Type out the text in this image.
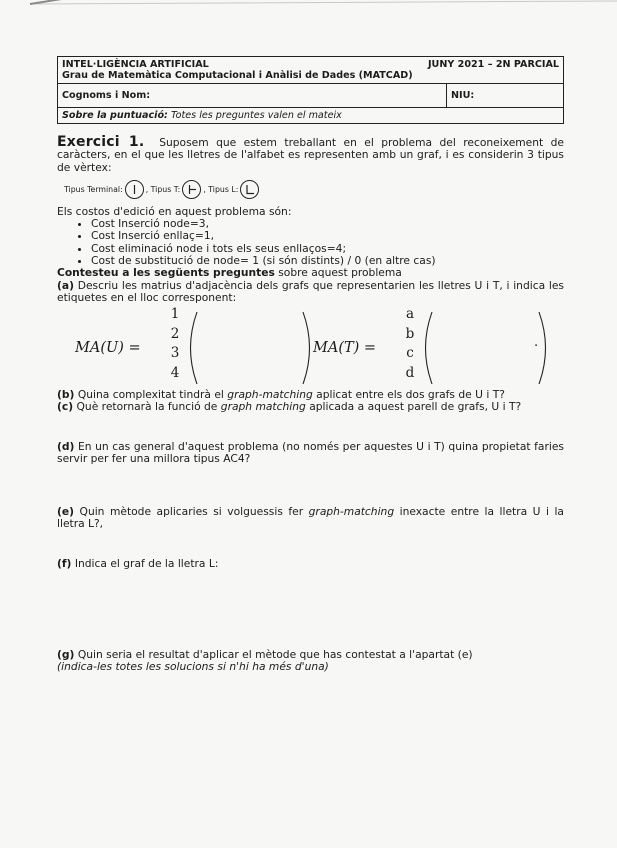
INTEL·LIGÈNCIA ARTIFICIAL	JUNY 2021 – 2N PARCIAL
Grau de Matemàtica Computacional i Anàlisi de Dades (MATCAD)

Cognoms i Nom:	NIU:
Sobre la puntuació: Totes les preguntes valen el mateix

Exercici 1. Suposem que estem treballant en el problema del reconeixement de caràcters, en el que les lletres de l'alfabet es representen amb un graf, i es considerin 3 tipus de vèrtex:

Tipus Terminal:	, Tipus T:	, Tipus L:

Els costos d'edició en aquest problema són:

• Cost Inserció node=3,
• Cost Inserció enllaç=1,
• Cost eliminació node i tots els seus enllaços=4;
• Cost de substitució de node= 1 (si són distints) / 0 (en altre cas)

Contesteu a les següents preguntes sobre aquest problema

(a) Descriu les matrius d'adjacència dels grafs que representarien les lletres U i T, i indica les etiquetes en el lloc corresponent:

MA(U) =
1
2
3
4
MA(T) =
a
b
c
d
.

(b) Quina complexitat tindrà el graph-matching aplicat entre els dos grafs de U i T?

(c) Què retornarà la funció de graph matching aplicada a aquest parell de grafs, U i T?

(d) En un cas general d'aquest problema (no només per aquestes U i T) quina propietat faries servir per fer una millora tipus AC4?

(e) Quin mètode aplicaries si volguessis fer graph-matching inexacte entre la lletra U i la lletra L?,

(f) Indica el graf de la lletra L:

(g) Quin seria el resultat d'aplicar el mètode que has contestat a l'apartat (e)

(indica-les totes les solucions si n'hi ha més d'una)
